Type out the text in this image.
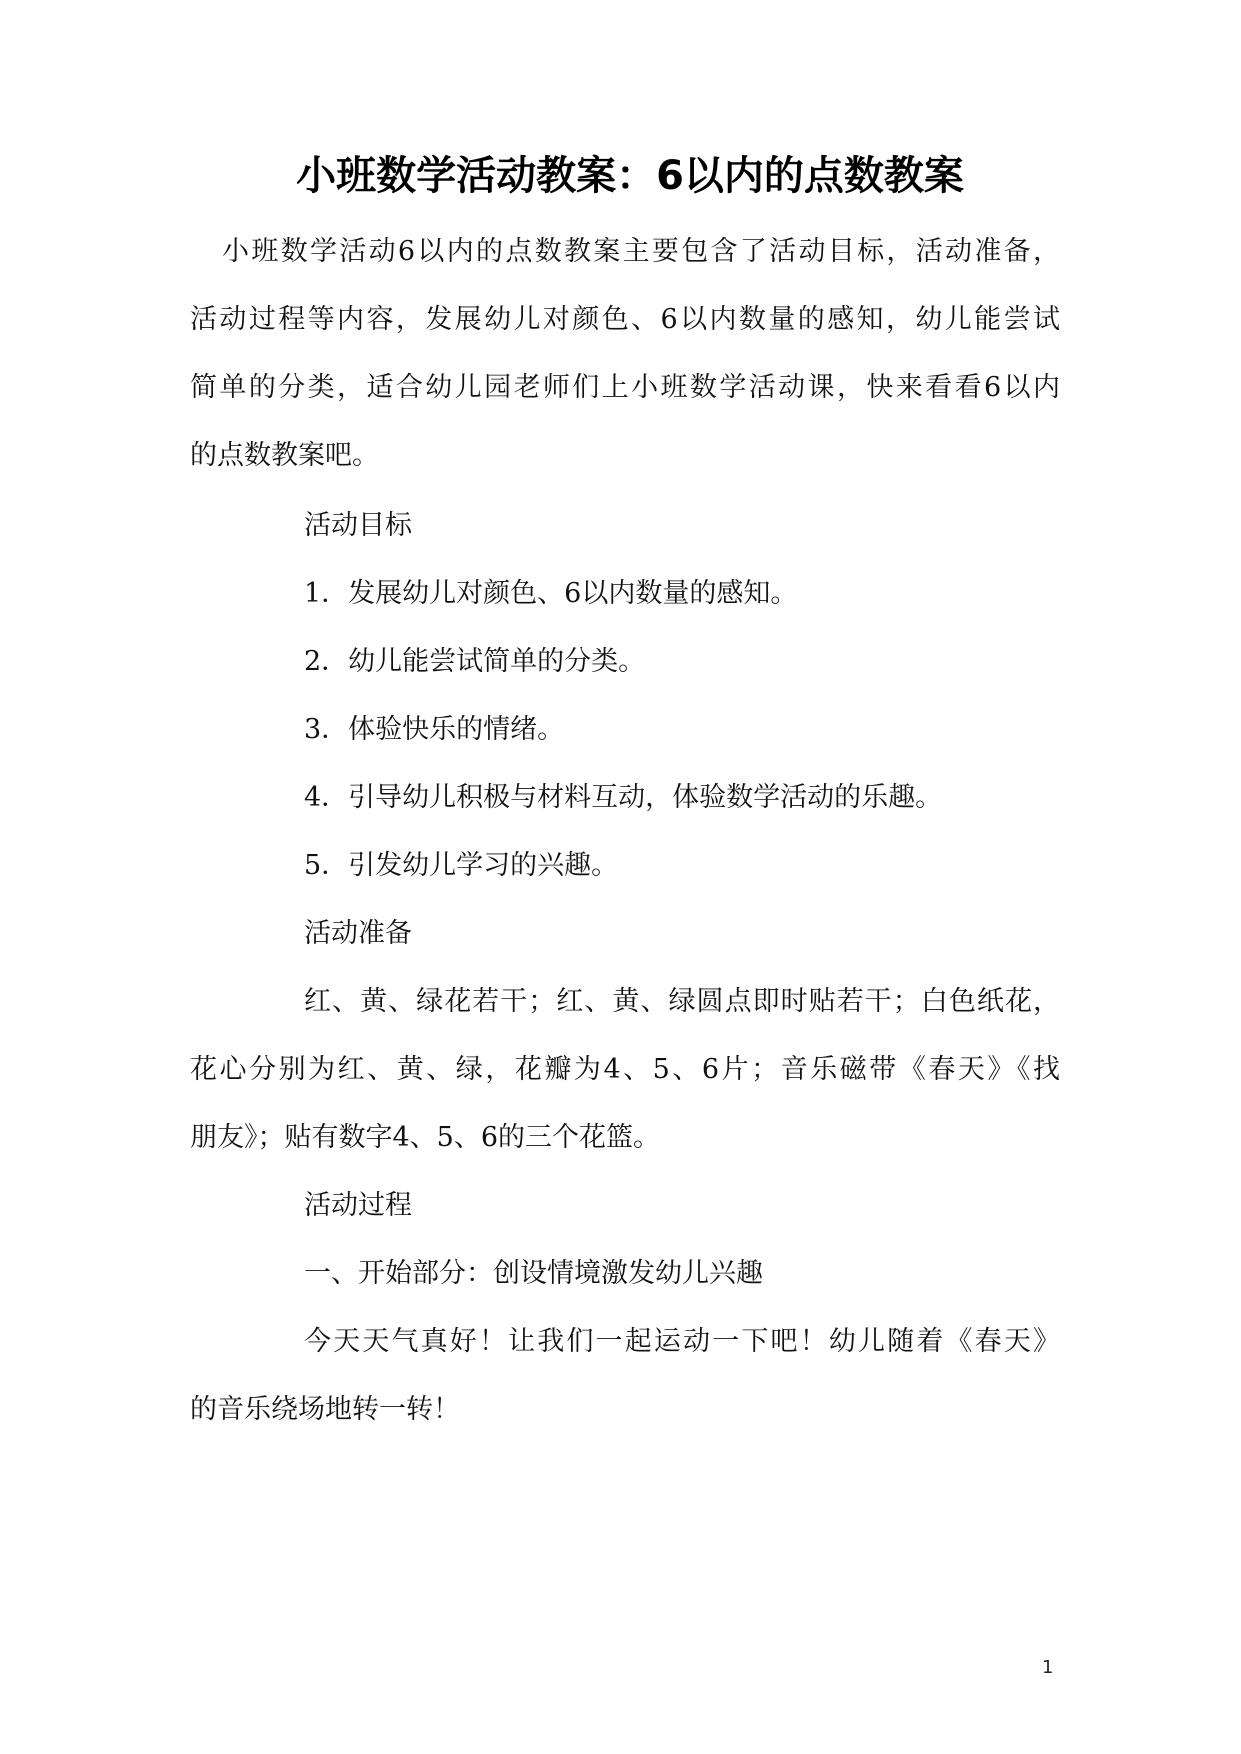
小班数学活动教案：6以内的点数教案
小班数学活动6以内的点数教案主要包含了活动目标，活动准备，
活动过程等内容，发展幼儿对颜色、6以内数量的感知，幼儿能尝试
简单的分类，适合幼儿园老师们上小班数学活动课，快来看看6以内
的点数教案吧。
活动目标
1．发展幼儿对颜色、6以内数量的感知。
2．幼儿能尝试简单的分类。
3．体验快乐的情绪。
4．引导幼儿积极与材料互动，体验数学活动的乐趣。
5．引发幼儿学习的兴趣。
活动准备
红、黄、绿花若干；红、黄、绿圆点即时贴若干；白色纸花，
花心分别为红、黄、绿，花瓣为4、5、6片；音乐磁带《春天》《找
朋友》；贴有数字4、5、6的三个花篮。
活动过程
一、开始部分：创设情境激发幼儿兴趣
今天天气真好！让我们一起运动一下吧！幼儿随着《春天》
的音乐绕场地转一转！
1
